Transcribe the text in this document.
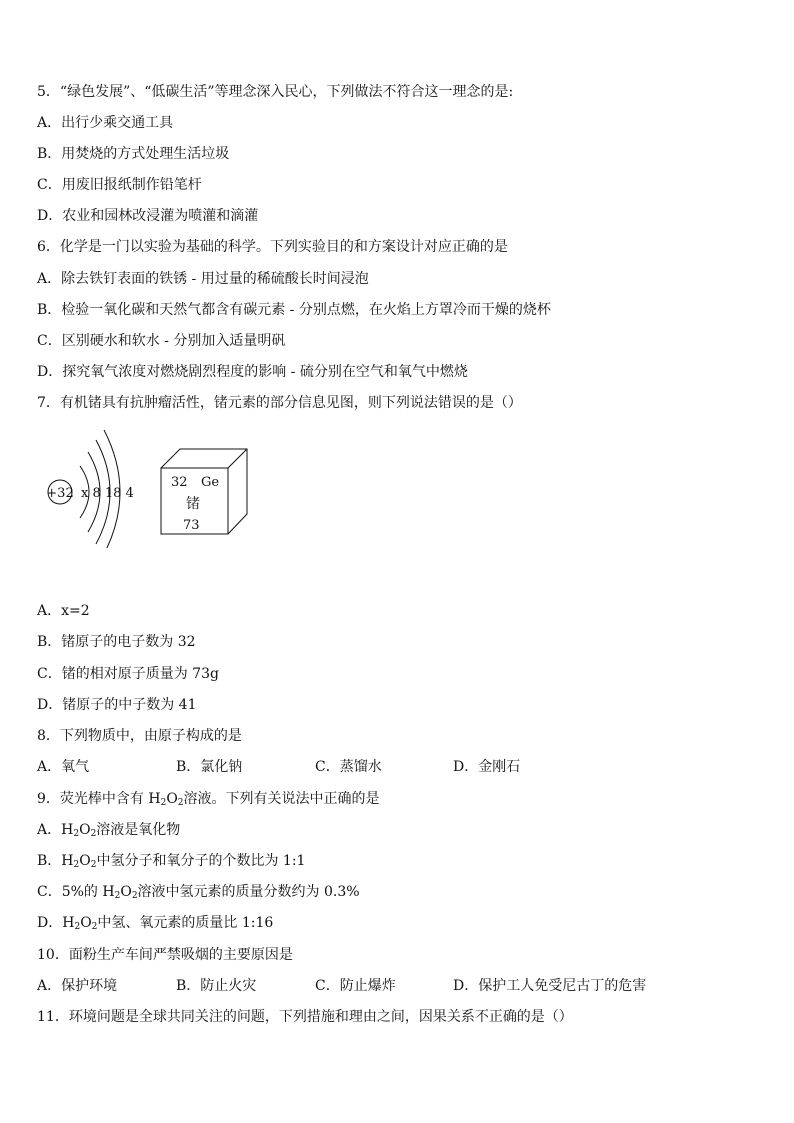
5．“绿色发展”、“低碳生活”等理念深入民心，下列做法不符合这一理念的是:
A．出行少乘交通工具
B．用焚烧的方式处理生活垃圾
C．用废旧报纸制作铅笔杆
D．农业和园林改浸灌为喷灌和滴灌
6．化学是一门以实验为基础的科学。下列实验目的和方案设计对应正确的是
A．除去铁钉表面的铁锈 - 用过量的稀硫酸长时间浸泡
B．检验一氧化碳和天然气都含有碳元素 - 分别点燃，在火焰上方罩冷而干燥的烧杯
C．区别硬水和软水 - 分别加入适量明矾
D．探究氧气浓度对燃烧剧烈程度的影响 - 硫分别在空气和氧气中燃烧
7．有机锗具有抗肿瘤活性，锗元素的部分信息见图，则下列说法错误的是（）
+32 x 8 18 4
32 Ge
锗
73
A．x=2
B．锗原子的电子数为 32
C．锗的相对原子质量为 73g
D．锗原子的中子数为 41
8．下列物质中，由原子构成的是
A．氧气	B．氯化钠	C．蒸馏水	D．金刚石
9．荧光棒中含有 $H_2O_2$溶液。下列有关说法中正确的是
A．$H_2O_2$溶液是氧化物
B．$H_2O_2$中氢分子和氧分子的个数比为 1:1
C．5%的 $H_2O_2$溶液中氢元素的质量分数约为 0.3%
D．$H_2O_2$中氢、氧元素的质量比 1:16
10．面粉生产车间严禁吸烟的主要原因是
A．保护环境	B．防止火灾	C．防止爆炸	D．保护工人免受尼古丁的危害
11．环境问题是全球共同关注的问题，下列措施和理由之间，因果关系不正确的是（）
